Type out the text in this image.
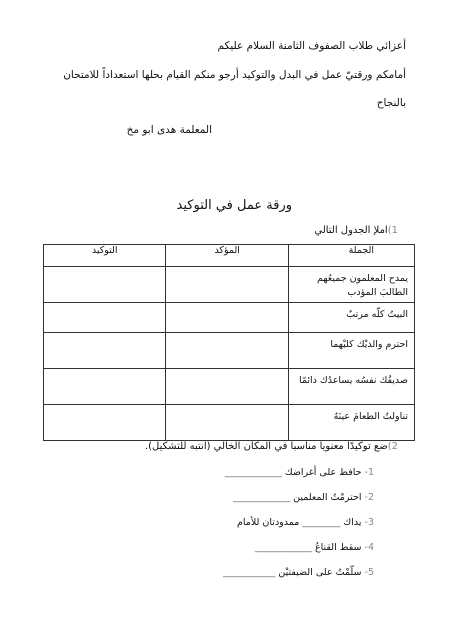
أعزائي طلاب الصفوف الثامنة السلام عليكم
أمامكم ورقتيّ عمل في البدل والتوكيد أرجو منكم القيام بحلها استعداداً للامتحان
بالنجاح
المعلمة هدى ابو مخ
ورقة عمل في التوكيد
1)املإ الجدول التالي
الجملة	المؤكد	التوكيد
يمدح المعلمون جميعُهم الطالبَ المؤدب		
البيتُ كلّه مرتبٌ		
احترم والديْك كليْهما		
صديقُك نفسُه يساعدُك دائمًا		
تناولتُ الطعامَ عينَهُ		
2)ضع توكيدًا معنويا مناسبا في المكان الخالي (انتبه للتشكيل).
1-حافظ على أغراضك ____________
2-احترمْتُ المعلمين ____________
3-يداك ________ ممدودتان للأمام
4-سقط القناعُ ____________
5-سلّمْتُ على الضيفتيْن ___________
